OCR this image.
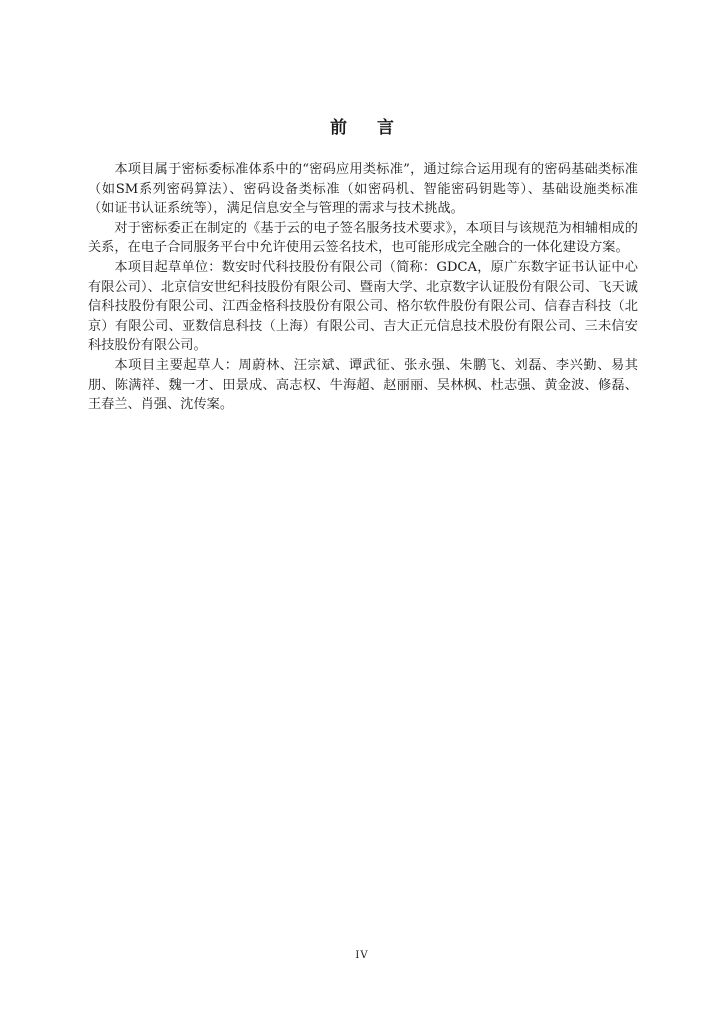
前 言

本项目属于密标委标准体系中的“密码应用类标准”，通过综合运用现有的密码基础类标准（如SM系列密码算法）、密码设备类标准（如密码机、智能密码钥匙等）、基础设施类标准（如证书认证系统等），满足信息安全与管理的需求与技术挑战。

对于密标委正在制定的《基于云的电子签名服务技术要求》，本项目与该规范为相辅相成的关系，在电子合同服务平台中允许使用云签名技术，也可能形成完全融合的一体化建设方案。

本项目起草单位：数安时代科技股份有限公司（简称：GDCA，原广东数字证书认证中心有限公司）、北京信安世纪科技股份有限公司、暨南大学、北京数字认证股份有限公司、飞天诚信科技股份有限公司、江西金格科技股份有限公司、格尔软件股份有限公司、信春吉科技（北京）有限公司、亚数信息科技（上海）有限公司、吉大正元信息技术股份有限公司、三未信安科技股份有限公司。

本项目主要起草人：周蔚林、汪宗斌、谭武征、张永强、朱鹏飞、刘磊、李兴勤、易其朋、陈满祥、魏一才、田景成、高志权、牛海超、赵丽丽、吴林枫、杜志强、黄金波、修磊、王春兰、肖强、沈传案。

IV
